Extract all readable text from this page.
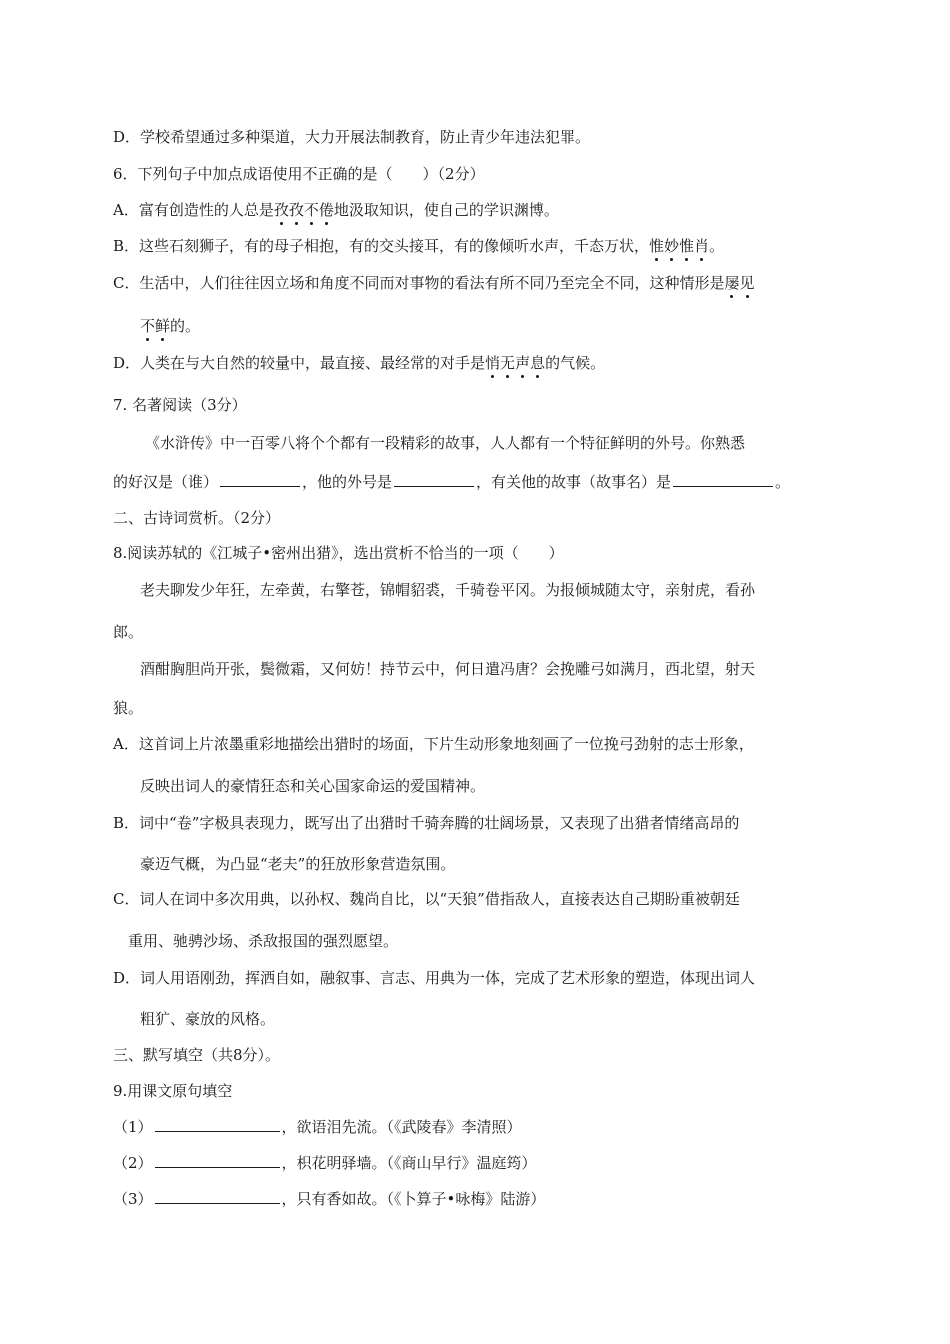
D．学校希望通过多种渠道，大力开展法制教育，防止青少年违法犯罪。
6．下列句子中加点成语使用不正确的是（　　）（2分）
A．富有创造性的人总是孜孜不倦地汲取知识，使自己的学识渊博。
B．这些石刻狮子，有的母子相抱，有的交头接耳，有的像倾听水声，千态万状，惟妙惟肖。
C．生活中，人们往往因立场和角度不同而对事物的看法有所不同乃至完全不同，这种情形是屡见
不鲜的。
D．人类在与大自然的较量中，最直接、最经常的对手是悄无声息的气候。
7. 名著阅读（3分）
《水浒传》中一百零八将个个都有一段精彩的故事，人人都有一个特征鲜明的外号。你熟悉
的好汉是（谁）	，他的外号是	，有关他的故事（故事名）是	。
二、古诗词赏析。（2分）
8.阅读苏轼的《江城子•密州出猎》，选出赏析不恰当的一项（　　）
老夫聊发少年狂，左牵黄，右擎苍，锦帽貂裘，千骑卷平冈。为报倾城随太守，亲射虎，看孙
郎。
酒酣胸胆尚开张，鬓微霜，又何妨！持节云中，何日遣冯唐？会挽雕弓如满月，西北望，射天
狼。
A．这首词上片浓墨重彩地描绘出猎时的场面，下片生动形象地刻画了一位挽弓劲射的志士形象，
反映出词人的豪情狂态和关心国家命运的爱国精神。
B．词中“卷”字极具表现力，既写出了出猎时千骑奔腾的壮阔场景，又表现了出猎者情绪高昂的
豪迈气概，为凸显“老夫”的狂放形象营造氛围。
C．词人在词中多次用典，以孙权、魏尚自比，以“天狼”借指敌人，直接表达自己期盼重被朝廷
重用、驰骋沙场、杀敌报国的强烈愿望。
D．词人用语刚劲，挥洒自如，融叙事、言志、用典为一体，完成了艺术形象的塑造，体现出词人
粗犷、豪放的风格。
三、默写填空（共8分）。
9.用课文原句填空
（1）	，欲语泪先流。（《武陵春》李清照）
（2）	，枳花明驿墙。（《商山早行》温庭筠）
（3）	，只有香如故。（《卜算子•咏梅》陆游）
